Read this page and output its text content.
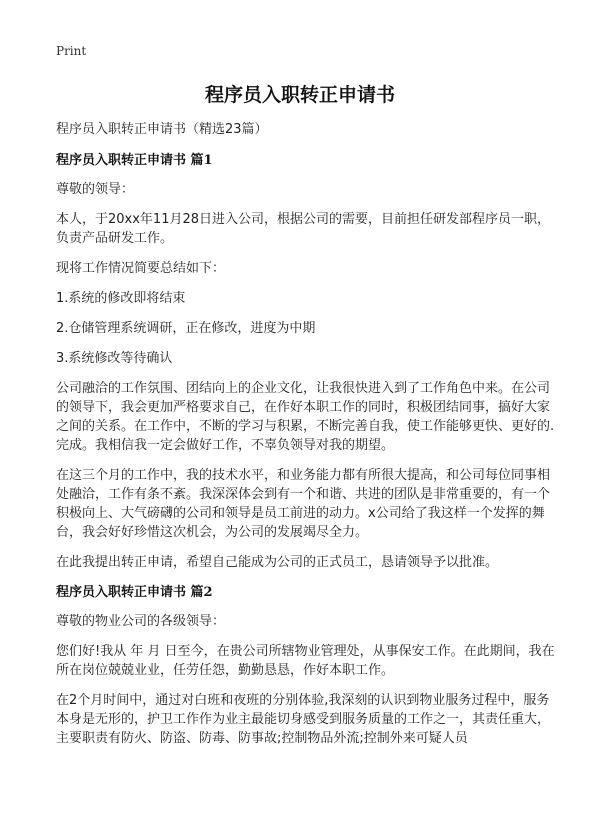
Print
程序员入职转正申请书

程序员入职转正申请书（精选23篇）

程序员入职转正申请书 篇1

尊敬的领导：

本人，于20xx年11月28日进入公司，根据公司的需要，目前担任研发部程序员一职，负责产品研发工作。

现将工作情况简要总结如下：

1.系统的修改即将结束

2.仓储管理系统调研，正在修改，进度为中期

3.系统修改等待确认

公司融洽的工作氛围、团结向上的企业文化，让我很快进入到了工作角色中来。在公司的领导下，我会更加严格要求自己，在作好本职工作的同时，积极团结同事，搞好大家之间的关系。在工作中，不断的学习与积累，不断完善自我，使工作能够更快、更好的.完成。我相信我一定会做好工作，不辜负领导对我的期望。

在这三个月的工作中，我的技术水平，和业务能力都有所很大提高，和公司每位同事相处融洽，工作有条不紊。我深深体会到有一个和谐、共进的团队是非常重要的，有一个积极向上、大气磅礴的公司和领导是员工前进的动力。x公司给了我这样一个发挥的舞台，我会好好珍惜这次机会，为公司的发展竭尽全力。

在此我提出转正申请，希望自己能成为公司的正式员工，恳请领导予以批准。

程序员入职转正申请书 篇2

尊敬的物业公司的各级领导：

您们好!我从 年 月 日至今，在贵公司所辖物业管理处，从事保安工作。在此期间，我在所在岗位兢兢业业，任劳任怨，勤勤恳恳，作好本职工作。

在2个月时间中，通过对白班和夜班的分别体验,我深刻的认识到物业服务过程中，服务本身是无形的，护卫工作作为业主最能切身感受到服务质量的工作之一，其责任重大，主要职责有防火、防盗、防毒、防事故;控制物品外流;控制外来可疑人员
